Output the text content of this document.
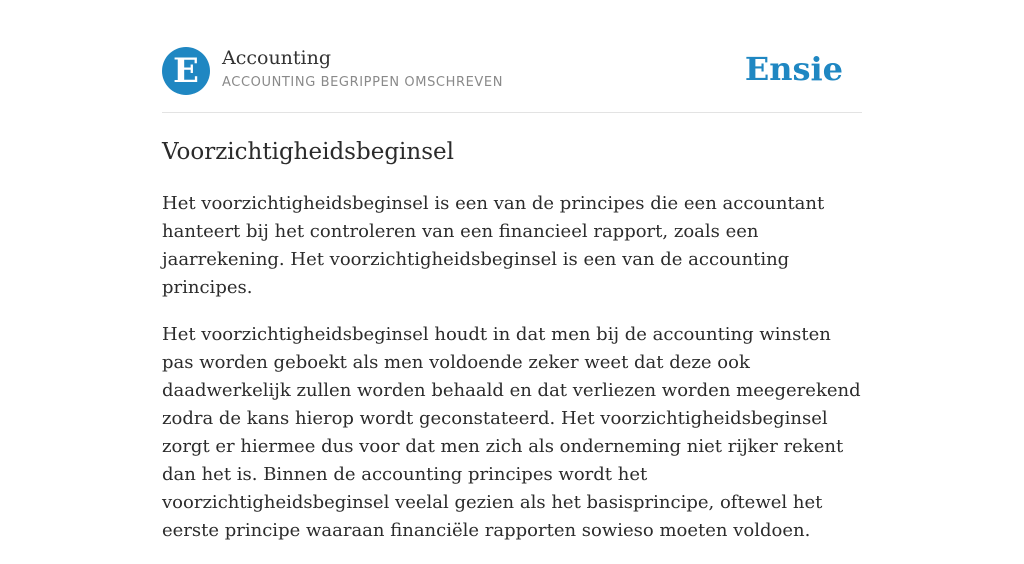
E	Accounting
ACCOUNTING BEGRIPPEN OMSCHREVEN	Ensie
Voorzichtigheidsbeginsel

Het voorzichtigheidsbeginsel is een van de principes die een accountant hanteert bij het controleren van een financieel rapport, zoals een jaarrekening. Het voorzichtigheidsbeginsel is een van de accounting principes.

Het voorzichtigheidsbeginsel houdt in dat men bij de accounting winsten pas worden geboekt als men voldoende zeker weet dat deze ook daadwerkelijk zullen worden behaald en dat verliezen worden meegerekend zodra de kans hierop wordt geconstateerd. Het voorzichtigheidsbeginsel zorgt er hiermee dus voor dat men zich als onderneming niet rijker rekent dan het is. Binnen de accounting principes wordt het voorzichtigheidsbeginsel veelal gezien als het basisprincipe, oftewel het eerste principe waaraan financiële rapporten sowieso moeten voldoen.
